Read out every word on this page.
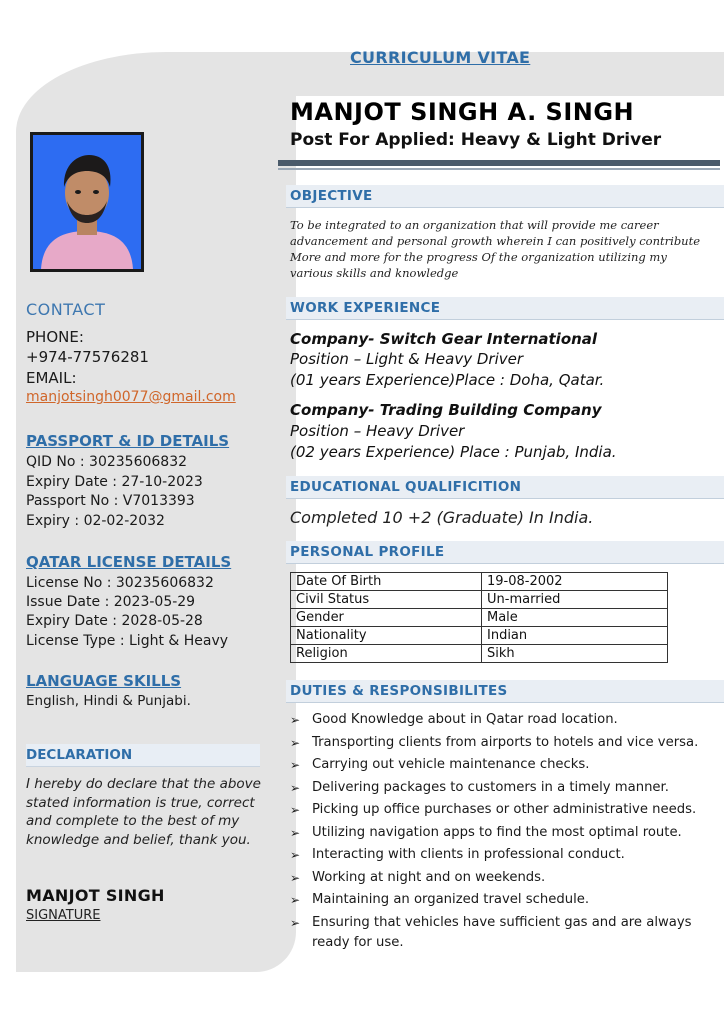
CURRICULUM VITAE
MANJOT SINGH A. SINGH
Post For Applied: Heavy & Light Driver
CONTACT
PHONE:
+974-77576281
EMAIL:
manjotsingh0077@gmail.com
PASSPORT & ID DETAILS
QID No : 30235606832
Expiry Date : 27-10-2023
Passport No : V7013393
Expiry : 02-02-2032
QATAR LICENSE DETAILS
License No : 30235606832
Issue Date : 2023-05-29
Expiry Date : 2028-05-28
License Type : Light & Heavy
LANGUAGE SKILLS
English, Hindi & Punjabi.
DECLARATION
I hereby do declare that the above stated information is true, correct and complete to the best of my knowledge and belief, thank you.
MANJOT SINGH
SIGNATURE
OBJECTIVE
To be integrated to an organization that will provide me career advancement and personal growth wherein I can positively contribute More and more for the progress Of the organization utilizing my various skills and knowledge
WORK EXPERIENCE
Company- Switch Gear International
Position – Light & Heavy Driver
(01 years Experience)Place : Doha, Qatar.
Company- Trading Building Company
Position – Heavy Driver
(02 years Experience) Place : Punjab, India.
EDUCATIONAL QUALIFICITION
Completed 10 +2 (Graduate) In India.
PERSONAL PROFILE
Date Of Birth	19-08-2002
Civil Status	Un-married
Gender	Male
Nationality	Indian
Religion	Sikh
DUTIES & RESPONSIBILITES
➢ Good Knowledge about in Qatar road location.
➢ Transporting clients from airports to hotels and vice versa.
➢ Carrying out vehicle maintenance checks.
➢ Delivering packages to customers in a timely manner.
➢ Picking up office purchases or other administrative needs.
➢ Utilizing navigation apps to find the most optimal route.
➢ Interacting with clients in professional conduct.
➢ Working at night and on weekends.
➢ Maintaining an organized travel schedule.
➢ Ensuring that vehicles have sufficient gas and are always ready for use.
